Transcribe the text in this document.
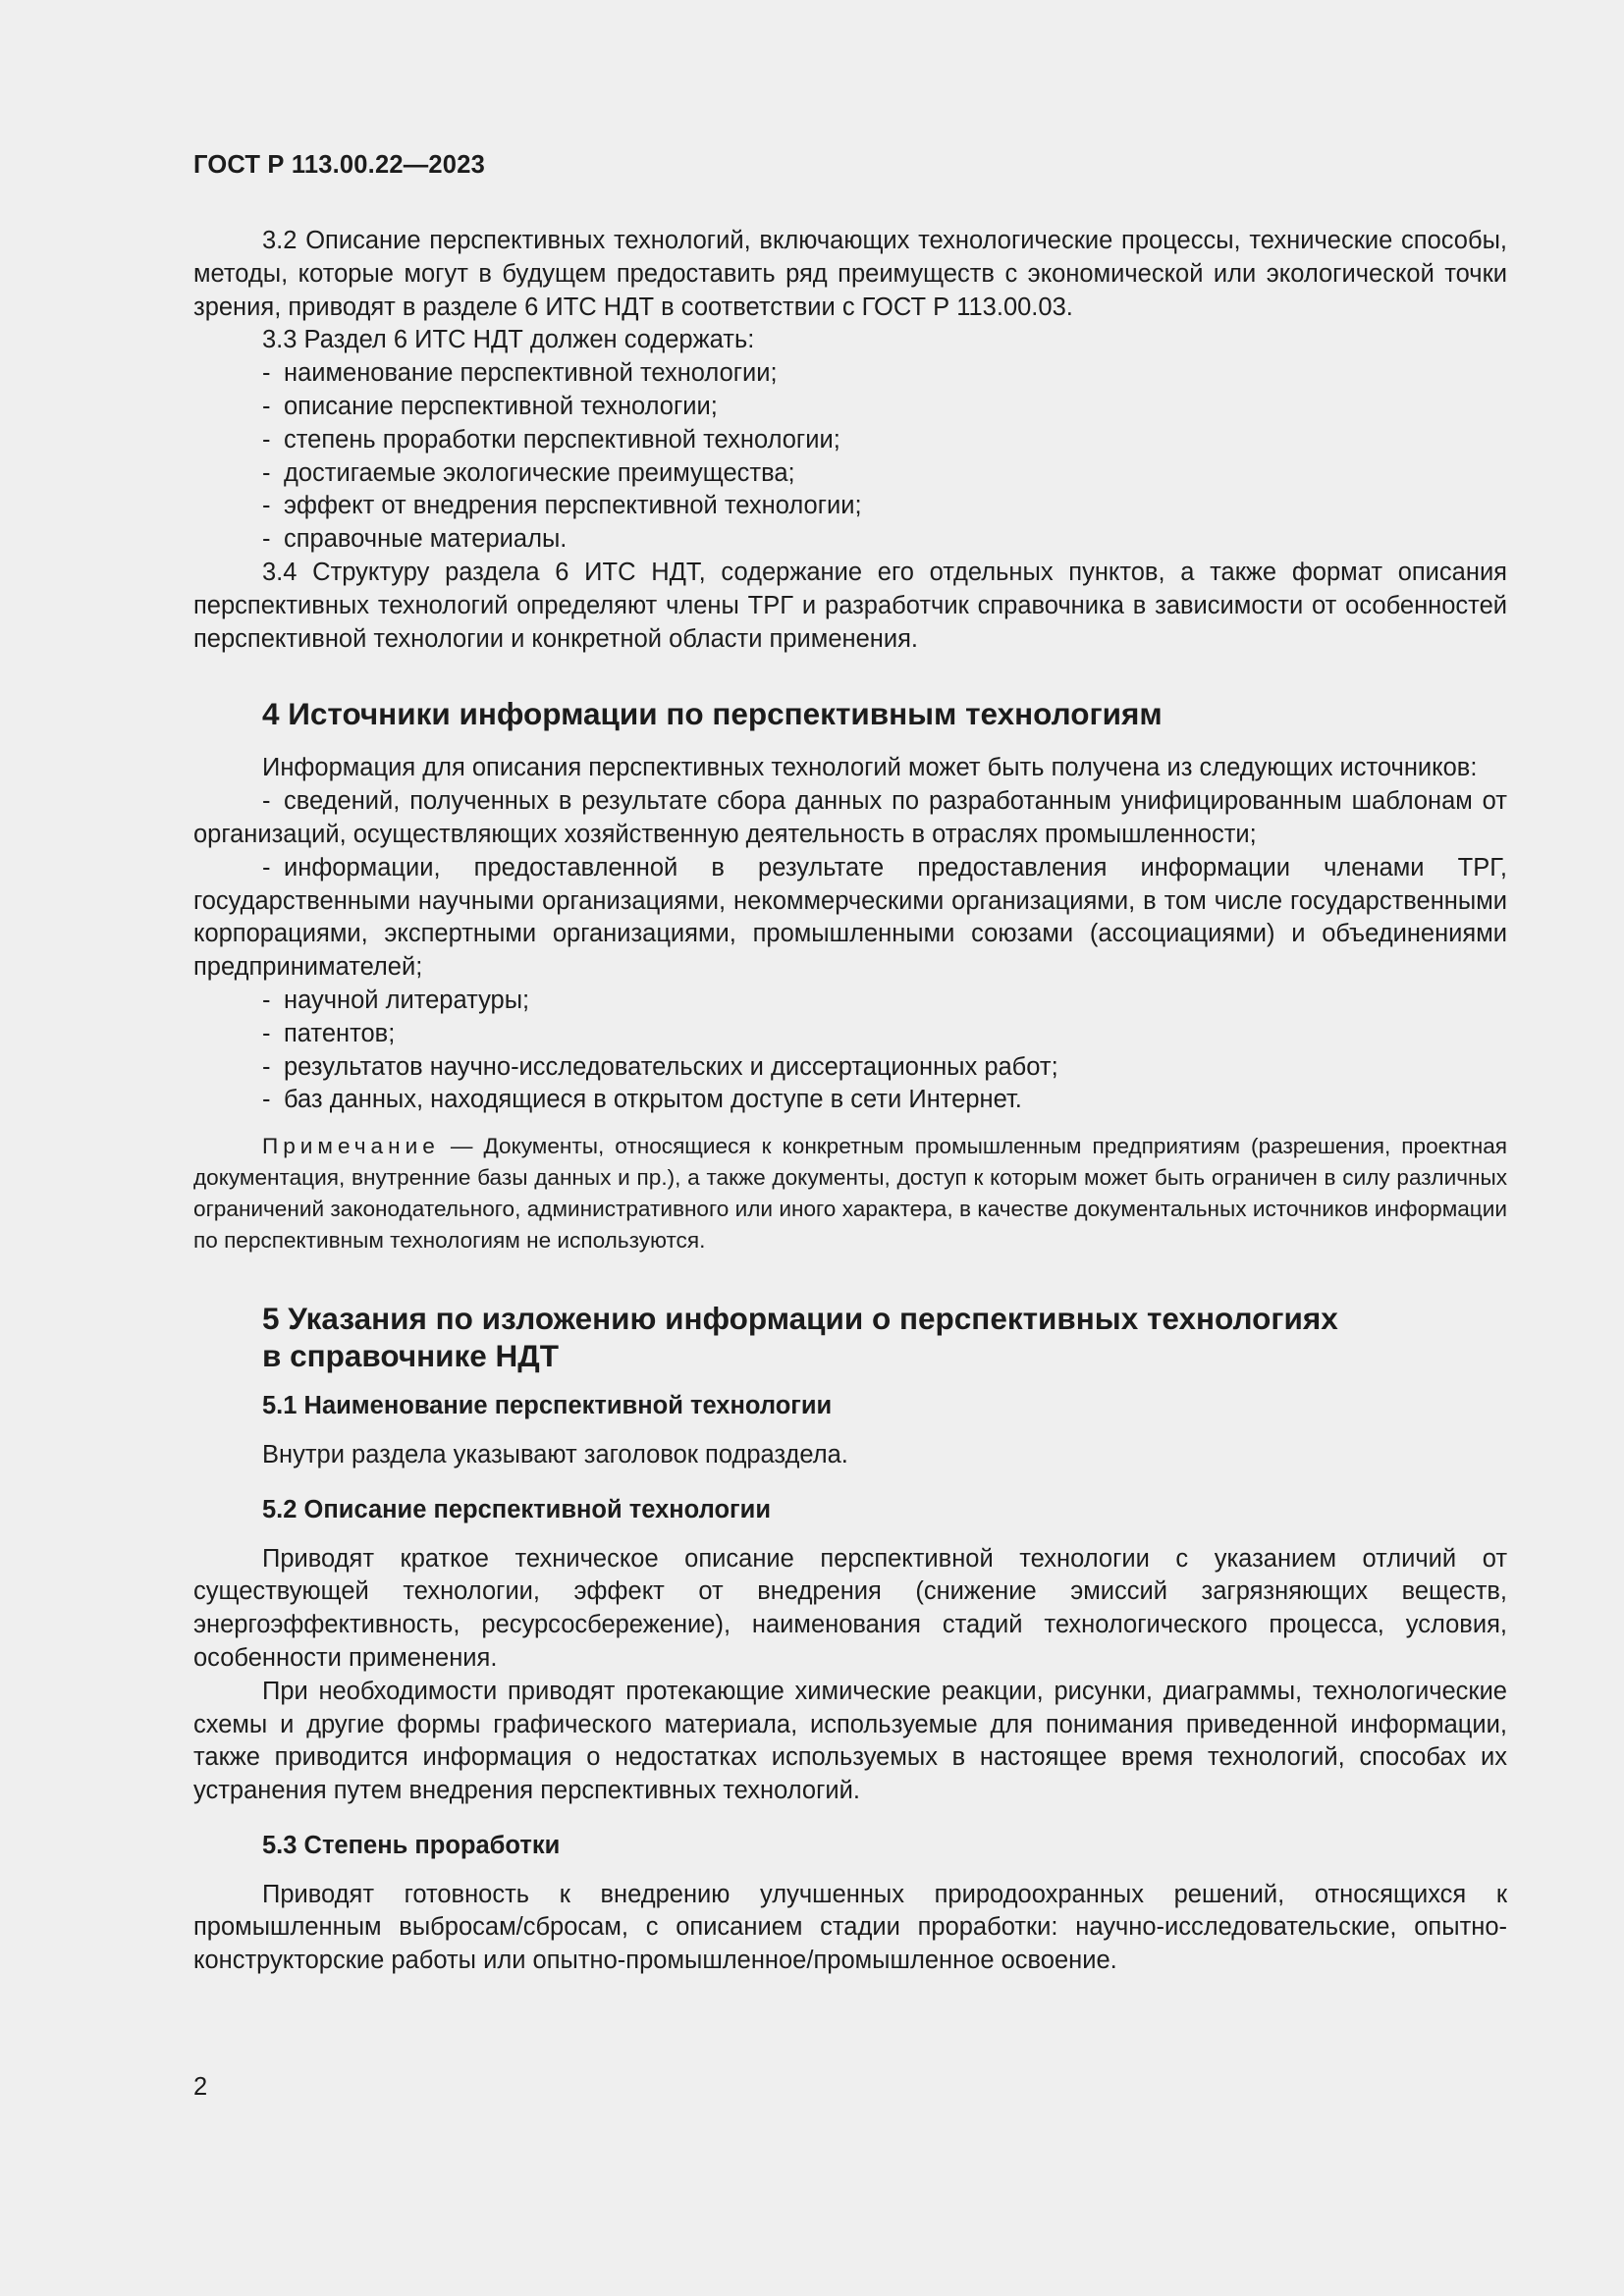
ГОСТ Р 113.00.22—2023

3.2 Описание перспективных технологий, включающих технологические процессы, технические способы, методы, которые могут в будущем предоставить ряд преимуществ с экономической или экологической точки зрения, приводят в разделе 6 ИТС НДТ в соответствии с ГОСТ Р 113.00.03.

3.3 Раздел 6 ИТС НДТ должен содержать:

- наименование перспективной технологии;

- описание перспективной технологии;

- степень проработки перспективной технологии;

- достигаемые экологические преимущества;

- эффект от внедрения перспективной технологии;

- справочные материалы.

3.4 Структуру раздела 6 ИТС НДТ, содержание его отдельных пунктов, а также формат описания перспективных технологий определяют члены ТРГ и разработчик справочника в зависимости от особенностей перспективной технологии и конкретной области применения.

4 Источники информации по перспективным технологиям

Информация для описания перспективных технологий может быть получена из следующих источников:

- сведений, полученных в результате сбора данных по разработанным унифицированным шаблонам от организаций, осуществляющих хозяйственную деятельность в отраслях промышленности;

- информации, предоставленной в результате предоставления информации членами ТРГ, государственными научными организациями, некоммерческими организациями, в том числе государственными корпорациями, экспертными организациями, промышленными союзами (ассоциациями) и объединениями предпринимателей;

- научной литературы;

- патентов;

- результатов научно-исследовательских и диссертационных работ;

- баз данных, находящиеся в открытом доступе в сети Интернет.

Примечание — Документы, относящиеся к конкретным промышленным предприятиям (разрешения, проектная документация, внутренние базы данных и пр.), а также документы, доступ к которым может быть ограничен в силу различных ограничений законодательного, административного или иного характера, в качестве документальных источников информации по перспективным технологиям не используются.

5 Указания по изложению информации о перспективных технологиях
в справочнике НДТ

5.1 Наименование перспективной технологии

Внутри раздела указывают заголовок подраздела.

5.2 Описание перспективной технологии

Приводят краткое техническое описание перспективной технологии с указанием отличий от существующей технологии, эффект от внедрения (снижение эмиссий загрязняющих веществ, энергоэффективность, ресурсосбережение), наименования стадий технологического процесса, условия, особенности применения.

При необходимости приводят протекающие химические реакции, рисунки, диаграммы, технологические схемы и другие формы графического материала, используемые для понимания приведенной информации, также приводится информация о недостатках используемых в настоящее время технологий, способах их устранения путем внедрения перспективных технологий.

5.3 Степень проработки

Приводят готовность к внедрению улучшенных природоохранных решений, относящихся к промышленным выбросам/сбросам, с описанием стадии проработки: научно-исследовательские, опытно-конструкторские работы или опытно-промышленное/промышленное освоение.

2
